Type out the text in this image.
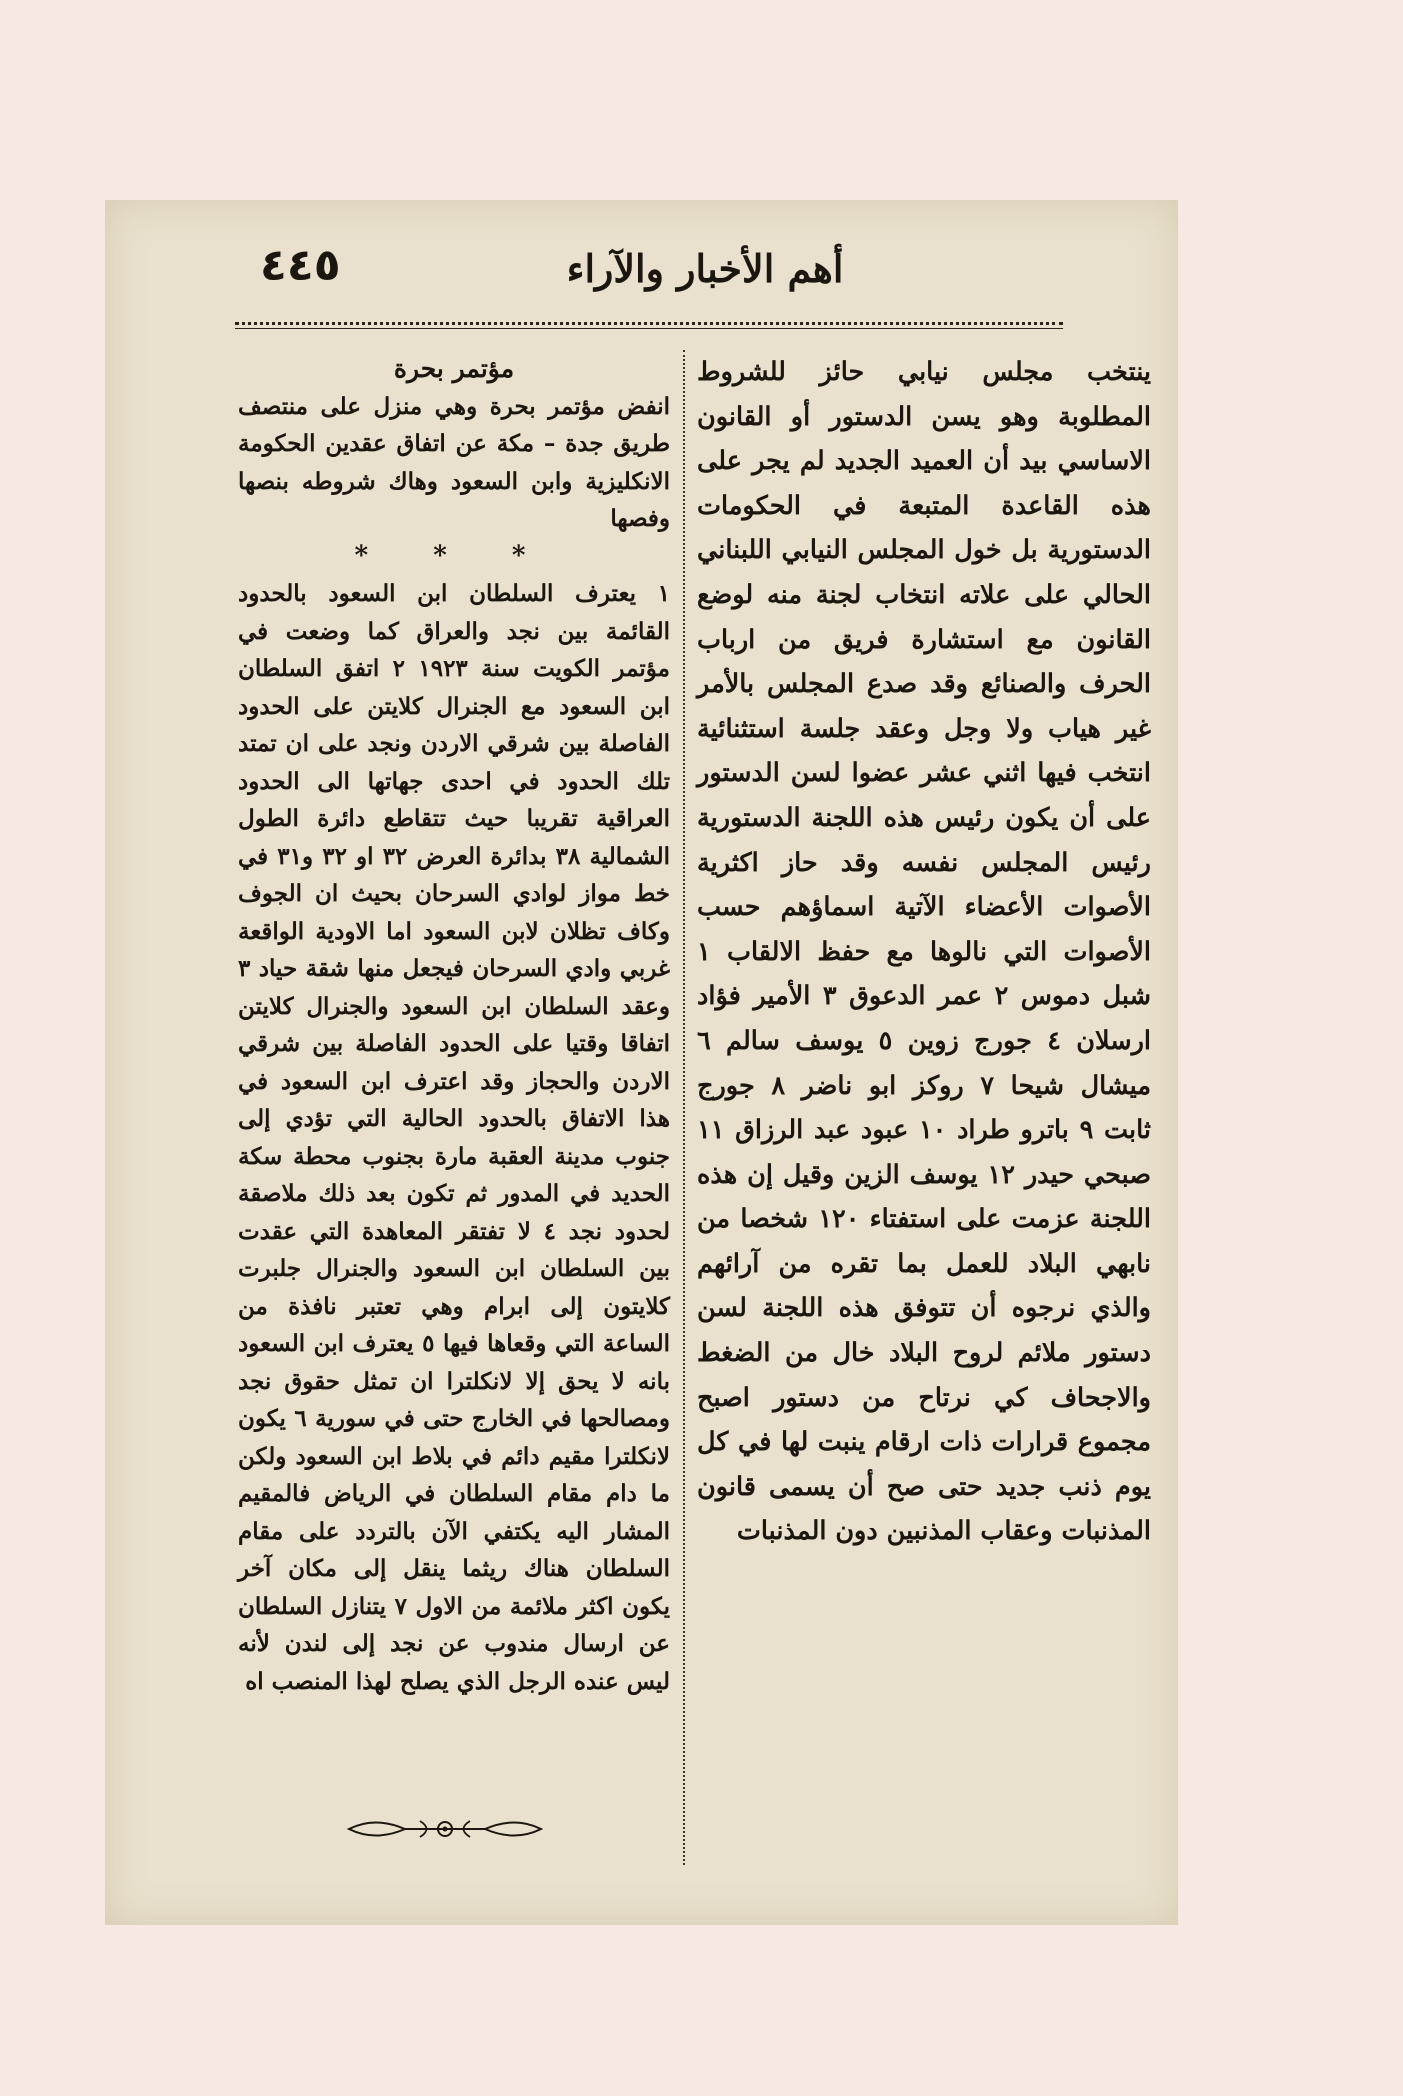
٤٤٥	أهم الأخبار والآراء

ينتخب مجلس نيابي حائز للشروط المطلوبة وهو يسن الدستور أو القانون الاساسي بيد أن العميد الجديد لم يجر على هذه القاعدة المتبعة في الحكومات الدستورية بل خول المجلس النيابي اللبناني الحالي على علاته انتخاب لجنة منه لوضع القانون مع استشارة فريق من ارباب الحرف والصنائع وقد صدع المجلس بالأمر غير هياب ولا وجل وعقد جلسة استثنائية انتخب فيها اثني عشر عضوا لسن الدستور على أن يكون رئيس هذه اللجنة الدستورية رئيس المجلس نفسه وقد حاز اكثرية الأصوات الأعضاء الآتية اسماؤهم حسب الأصوات التي نالوها مع حفظ الالقاب ١ شبل دموس ٢ عمر الدعوق ٣ الأمير فؤاد ارسلان ٤ جورج زوين ٥ يوسف سالم ٦ ميشال شيحا ٧ روكز ابو ناضر ٨ جورج ثابت ٩ باترو طراد ١٠ عبود عبد الرزاق ١١ صبحي حيدر ١٢ يوسف الزين وقيل إن هذه اللجنة عزمت على استفتاء ١٢٠ شخصا من نابهي البلاد للعمل بما تقره من آرائهم والذي نرجوه أن تتوفق هذه اللجنة لسن دستور ملائم لروح البلاد خال من الضغط والاجحاف كي نرتاح من دستور اصبح مجموع قرارات ذات ارقام ينبت لها في كل يوم ذنب جديد حتى صح أن يسمى قانون المذنبات وعقاب المذنبين دون المذنبات

مؤتمر بحرة

انفض مؤتمر بحرة وهي منزل على منتصف طريق جدة – مكة عن اتفاق عقدين الحكومة الانكليزية وابن السعود وهاك شروطه بنصها وفصها

* * *

١ يعترف السلطان ابن السعود بالحدود القائمة بين نجد والعراق كما وضعت في مؤتمر الكويت سنة ١٩٢٣ ٢ اتفق السلطان ابن السعود مع الجنرال كلايتن على الحدود الفاصلة بين شرقي الاردن ونجد على ان تمتد تلك الحدود في احدى جهاتها الى الحدود العراقية تقريبا حيث تتقاطع دائرة الطول الشمالية ٣٨ بدائرة العرض ٣٢ او ٣٢ و٣١ في خط مواز لوادي السرحان بحيث ان الجوف وكاف تظلان لابن السعود اما الاودية الواقعة غربي وادي السرحان فيجعل منها شقة حياد ٣ وعقد السلطان ابن السعود والجنرال كلايتن اتفاقا وقتيا على الحدود الفاصلة بين شرقي الاردن والحجاز وقد اعترف ابن السعود في هذا الاتفاق بالحدود الحالية التي تؤدي إلى جنوب مدينة العقبة مارة بجنوب محطة سكة الحديد في المدور ثم تكون بعد ذلك ملاصقة لحدود نجد ٤ لا تفتقر المعاهدة التي عقدت بين السلطان ابن السعود والجنرال جلبرت كلايتون إلى ابرام وهي تعتبر نافذة من الساعة التي وقعاها فيها ٥ يعترف ابن السعود بانه لا يحق إلا لانكلترا ان تمثل حقوق نجد ومصالحها في الخارج حتى في سورية ٦ يكون لانكلترا مقيم دائم في بلاط ابن السعود ولكن ما دام مقام السلطان في الرياض فالمقيم المشار اليه يكتفي الآن بالتردد على مقام السلطان هناك ريثما ينقل إلى مكان آخر يكون اكثر ملائمة من الاول ٧ يتنازل السلطان عن ارسال مندوب عن نجد إلى لندن لأنه ليس عنده الرجل الذي يصلح لهذا المنصب اه
